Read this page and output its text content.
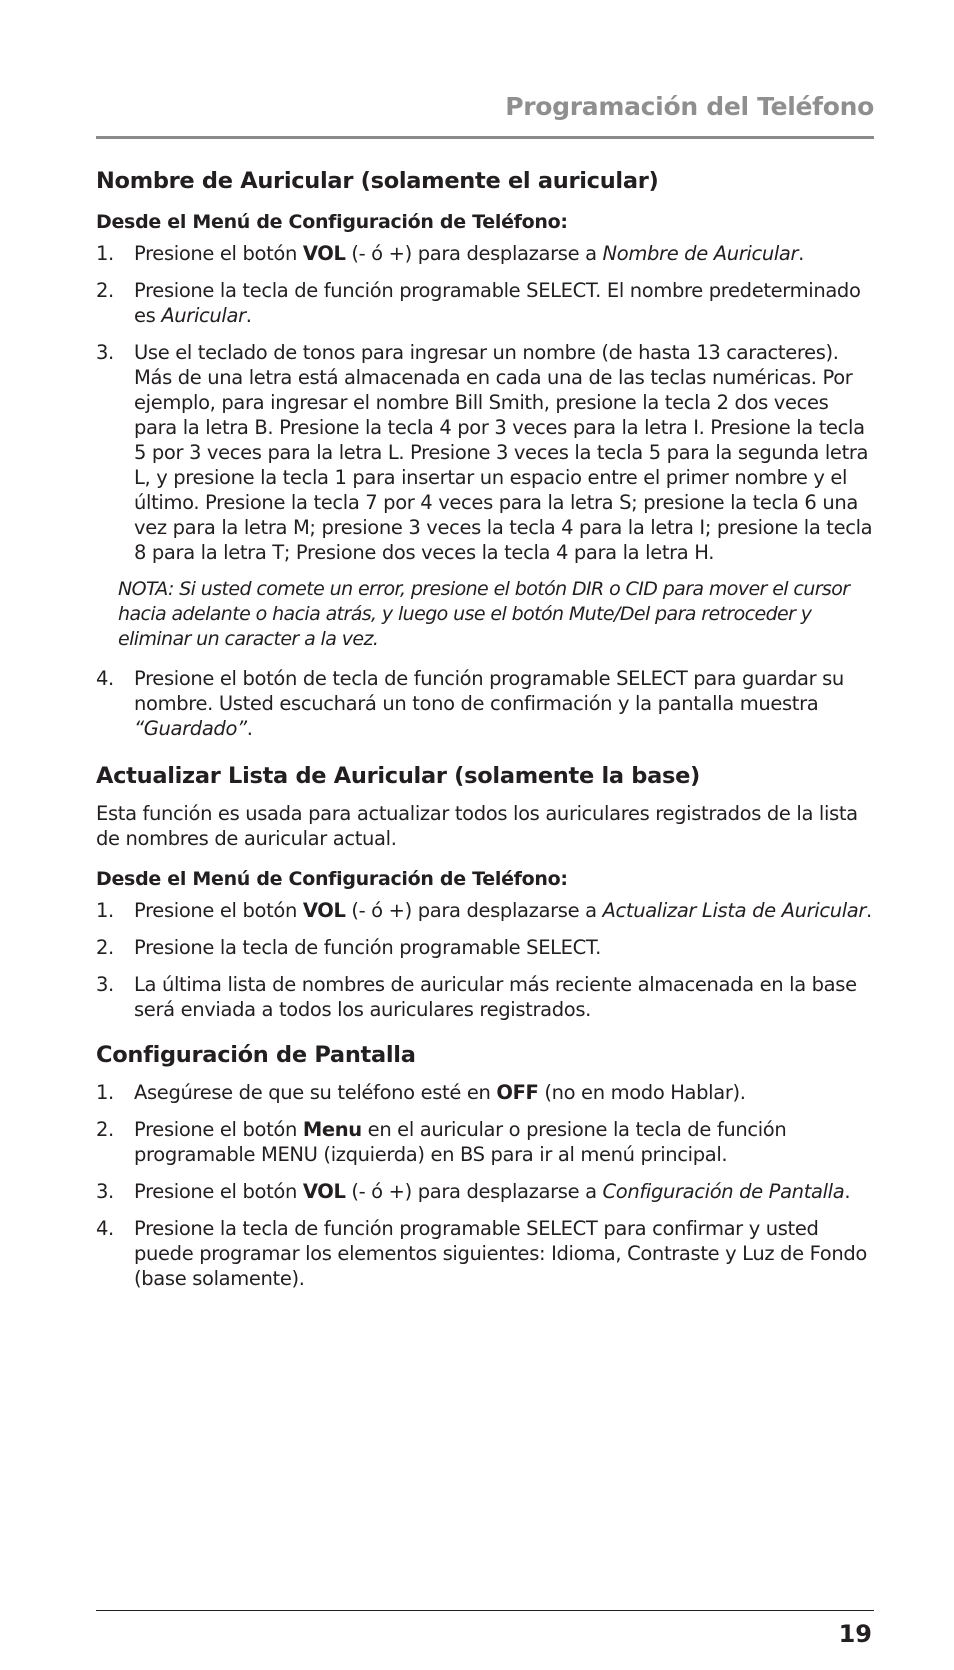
Programación del Teléfono
Nombre de Auricular (solamente el auricular)
Desde el Menú de Configuración de Teléfono:
1. Presione el botón VOL (- ó +) para desplazarse a Nombre de Auricular.
2. Presione la tecla de función programable SELECT. El nombre predeterminado es Auricular.
3. Use el teclado de tonos para ingresar un nombre (de hasta 13 caracteres). Más de una letra está almacenada en cada una de las teclas numéricas. Por ejemplo, para ingresar el nombre Bill Smith, presione la tecla 2 dos veces para la letra B. Presione la tecla 4 por 3 veces para la letra I. Presione la tecla 5 por 3 veces para la letra L. Presione 3 veces la tecla 5 para la segunda letra L, y presione la tecla 1 para insertar un espacio entre el primer nombre y el último. Presione la tecla 7 por 4 veces para la letra S; presione la tecla 6 una vez para la letra M; presione 3 veces la tecla 4 para la letra I; presione la tecla 8 para la letra T; Presione dos veces la tecla 4 para la letra H.
NOTA: Si usted comete un error, presione el botón DIR o CID para mover el cursor hacia adelante o hacia atrás, y luego use el botón Mute/Del para retroceder y eliminar un caracter a la vez.
4. Presione el botón de tecla de función programable SELECT para guardar su nombre. Usted escuchará un tono de confirmación y la pantalla muestra “Guardado”.
Actualizar Lista de Auricular (solamente la base)

Esta función es usada para actualizar todos los auriculares registrados de la lista de nombres de auricular actual.

Desde el Menú de Configuración de Teléfono:
1. Presione el botón VOL (- ó +) para desplazarse a Actualizar Lista de Auricular.
2. Presione la tecla de función programable SELECT.
3. La última lista de nombres de auricular más reciente almacenada en la base será enviada a todos los auriculares registrados.
Configuración de Pantalla
1. Asegúrese de que su teléfono esté en OFF (no en modo Hablar).
2. Presione el botón Menu en el auricular o presione la tecla de función programable MENU (izquierda) en BS para ir al menú principal.
3. Presione el botón VOL (- ó +) para desplazarse a Configuración de Pantalla.
4. Presione la tecla de función programable SELECT para confirmar y usted puede programar los elementos siguientes: Idioma, Contraste y Luz de Fondo (base solamente).
19
